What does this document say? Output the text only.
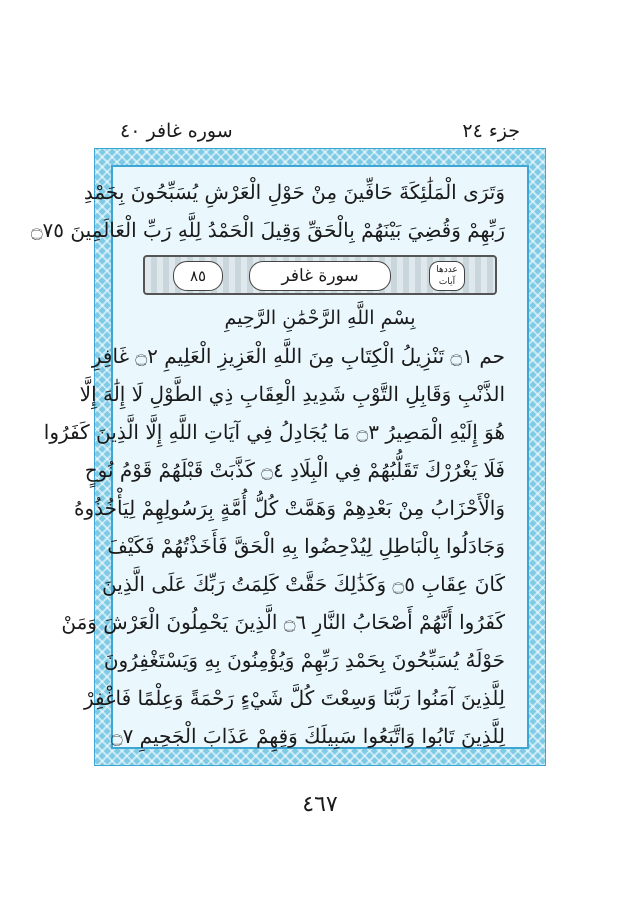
جزء ٢٤
سوره غافر ٤٠
وَتَرَى الْمَلَٰئِكَةَ حَافِّينَ مِنْ حَوْلِ الْعَرْشِ يُسَبِّحُونَ بِحَمْدِ
رَبِّهِمْ وَقُضِيَ بَيْنَهُمْ بِالْحَقِّ وَقِيلَ الْحَمْدُ لِلَّهِ رَبِّ الْعَالَمِينَ ۝٧٥
عددها آيات
سورة غافر
٨٥
بِسْمِ اللَّهِ الرَّحْمَٰنِ الرَّحِيمِ
حم ۝١ تَنْزِيلُ الْكِتَابِ مِنَ اللَّهِ الْعَزِيزِ الْعَلِيمِ ۝٢ غَافِرِ
الذَّنْبِ وَقَابِلِ التَّوْبِ شَدِيدِ الْعِقَابِ ذِي الطَّوْلِ لَا إِلَٰهَ إِلَّا
هُوَ إِلَيْهِ الْمَصِيرُ ۝٣ مَا يُجَادِلُ فِي آيَاتِ اللَّهِ إِلَّا الَّذِينَ كَفَرُوا
فَلَا يَغْرُرْكَ تَقَلُّبُهُمْ فِي الْبِلَادِ ۝٤ كَذَّبَتْ قَبْلَهُمْ قَوْمُ نُوحٍ
وَالْأَحْزَابُ مِنْ بَعْدِهِمْ وَهَمَّتْ كُلُّ أُمَّةٍ بِرَسُولِهِمْ لِيَأْخُذُوهُ
وَجَادَلُوا بِالْبَاطِلِ لِيُدْحِضُوا بِهِ الْحَقَّ فَأَخَذْتُهُمْ فَكَيْفَ
كَانَ عِقَابِ ۝٥ وَكَذَٰلِكَ حَقَّتْ كَلِمَتُ رَبِّكَ عَلَى الَّذِينَ
كَفَرُوا أَنَّهُمْ أَصْحَابُ النَّارِ ۝٦ الَّذِينَ يَحْمِلُونَ الْعَرْشَ وَمَنْ
حَوْلَهُ يُسَبِّحُونَ بِحَمْدِ رَبِّهِمْ وَيُؤْمِنُونَ بِهِ وَيَسْتَغْفِرُونَ
لِلَّذِينَ آمَنُوا رَبَّنَا وَسِعْتَ كُلَّ شَيْءٍ رَحْمَةً وَعِلْمًا فَاغْفِرْ
لِلَّذِينَ تَابُوا وَاتَّبَعُوا سَبِيلَكَ وَقِهِمْ عَذَابَ الْجَحِيمِ ۝٧
٤٦٧
